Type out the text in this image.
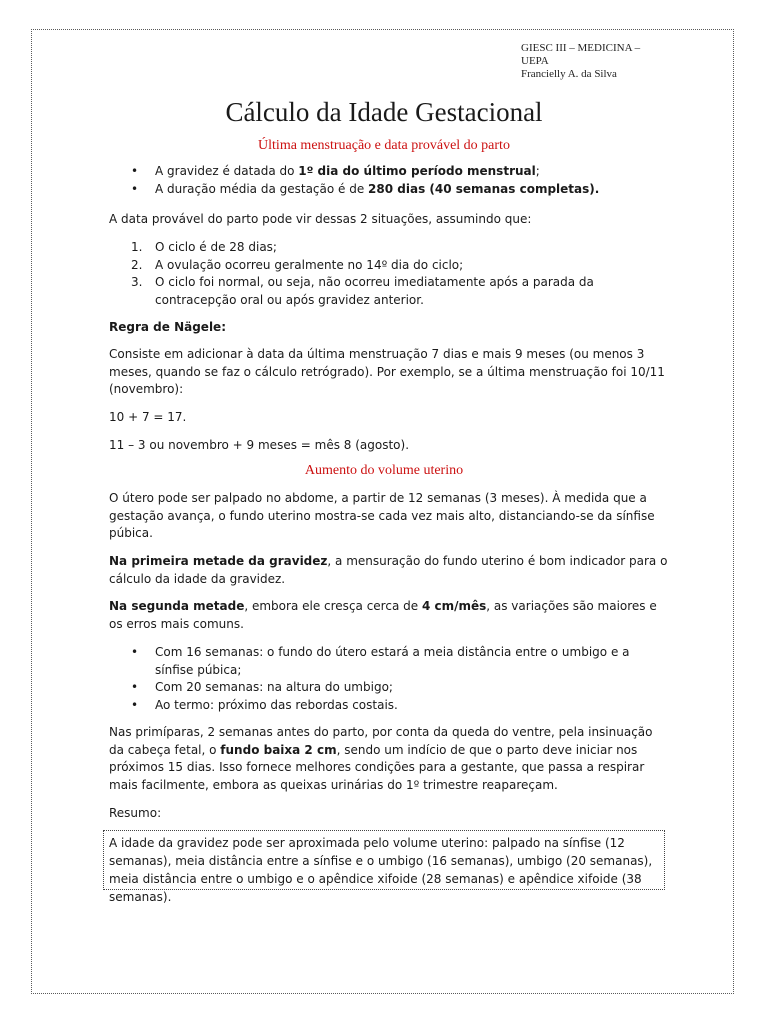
GIESC III – MEDICINA –
UEPA
Francielly A. da Silva
Cálculo da Idade Gestacional
Última menstruação e data provável do parto
• A gravidez é datada do 1º dia do último período menstrual;
• A duração média da gestação é de 280 dias (40 semanas completas).

A data provável do parto pode vir dessas 2 situações, assumindo que:

1. O ciclo é de 28 dias;
2. A ovulação ocorreu geralmente no 14º dia do ciclo;
3. O ciclo foi normal, ou seja, não ocorreu imediatamente após a parada da contracepção oral ou após gravidez anterior.

Regra de Nägele:

Consiste em adicionar à data da última menstruação 7 dias e mais 9 meses (ou menos 3 meses, quando se faz o cálculo retrógrado). Por exemplo, se a última menstruação foi 10/11 (novembro):

10 + 7 = 17.

11 – 3 ou novembro + 9 meses = mês 8 (agosto).

Aumento do volume uterino

O útero pode ser palpado no abdome, a partir de 12 semanas (3 meses). À medida que a gestação avança, o fundo uterino mostra-se cada vez mais alto, distanciando-se da sínfise púbica.

Na primeira metade da gravidez, a mensuração do fundo uterino é bom indicador para o cálculo da idade da gravidez.

Na segunda metade, embora ele cresça cerca de 4 cm/mês, as variações são maiores e os erros mais comuns.

• Com 16 semanas: o fundo do útero estará a meia distância entre o umbigo e a sínfise púbica;
• Com 20 semanas: na altura do umbigo;
• Ao termo: próximo das rebordas costais.

Nas primíparas, 2 semanas antes do parto, por conta da queda do ventre, pela insinuação da cabeça fetal, o fundo baixa 2 cm, sendo um indício de que o parto deve iniciar nos próximos 15 dias. Isso fornece melhores condições para a gestante, que passa a respirar mais facilmente, embora as queixas urinárias do 1º trimestre reapareçam.

Resumo:

A idade da gravidez pode ser aproximada pelo volume uterino: palpado na sínfise (12 semanas), meia distância entre a sínfise e o umbigo (16 semanas), umbigo (20 semanas), meia distância entre o umbigo e o apêndice xifoide (28 semanas) e apêndice xifoide (38 semanas).
